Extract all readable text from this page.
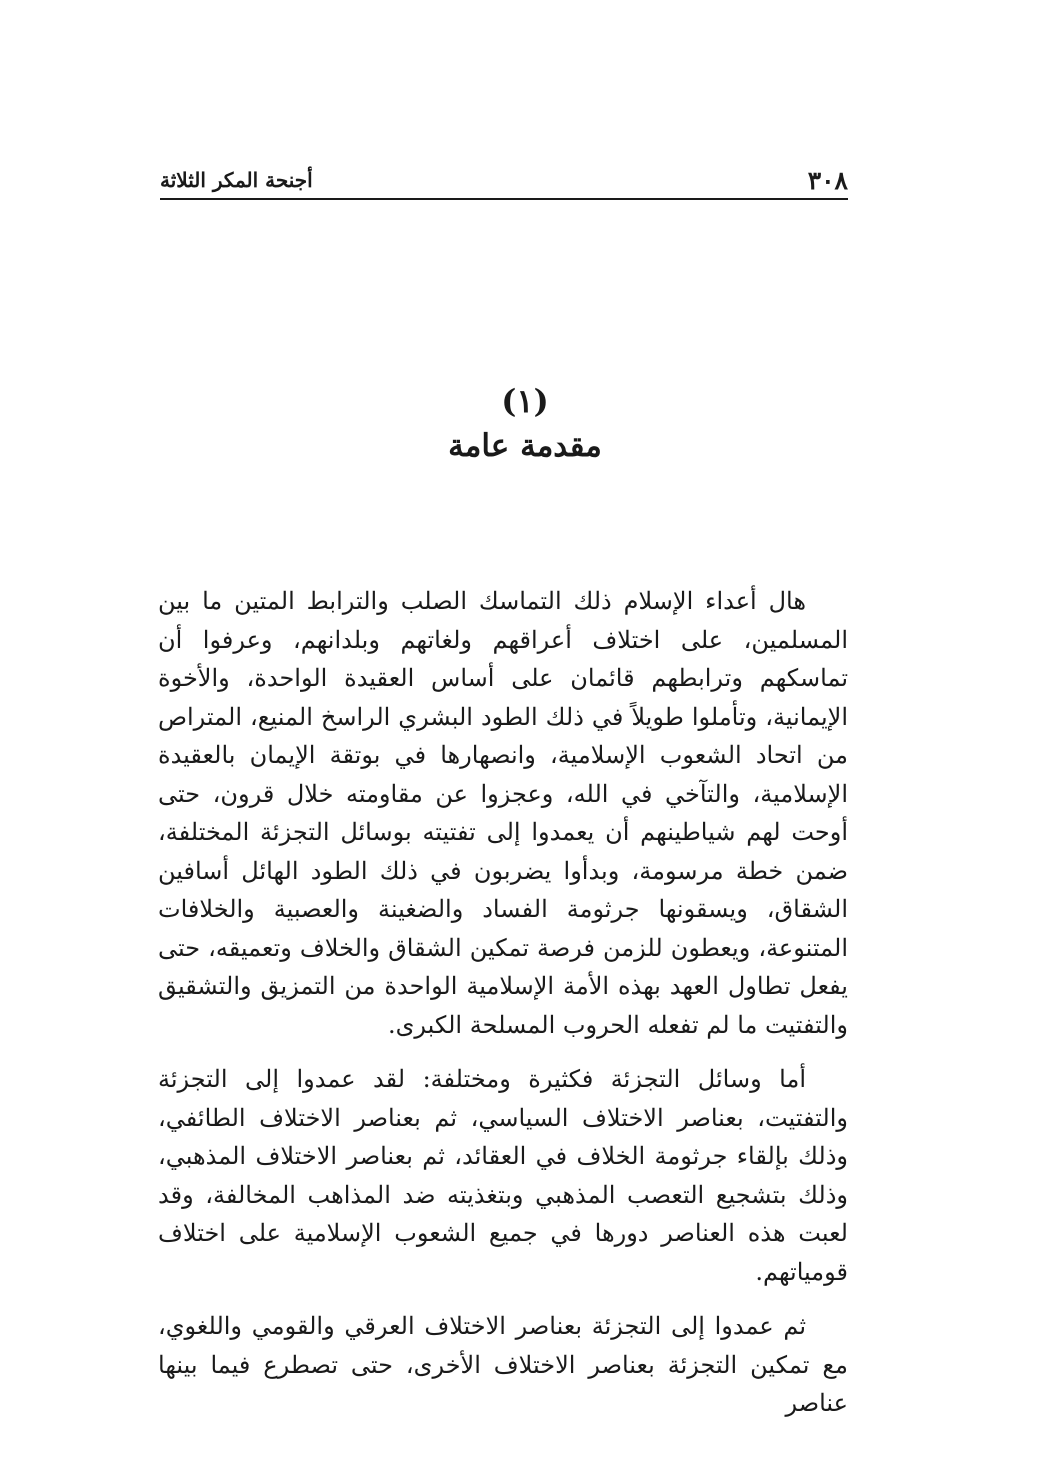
٣٠٨
أجنحة المكر الثلاثة
(١)
مقدمة عامة

هال أعداء الإسلام ذلك التماسك الصلب والترابط المتين ما بين المسلمين، على اختلاف أعراقهم ولغاتهم وبلدانهم، وعرفوا أن تماسكهم وترابطهم قائمان على أساس العقيدة الواحدة، والأخوة الإيمانية، وتأملوا طويلاً في ذلك الطود البشري الراسخ المنيع، المتراص من اتحاد الشعوب الإسلامية، وانصهارها في بوتقة الإيمان بالعقيدة الإسلامية، والتآخي في الله، وعجزوا عن مقاومته خلال قرون، حتى أوحت لهم شياطينهم أن يعمدوا إلى تفتيته بوسائل التجزئة المختلفة، ضمن خطة مرسومة، وبدأوا يضربون في ذلك الطود الهائل أسافين الشقاق، ويسقونها جرثومة الفساد والضغينة والعصبية والخلافات المتنوعة، ويعطون للزمن فرصة تمكين الشقاق والخلاف وتعميقه، حتى يفعل تطاول العهد بهذه الأمة الإسلامية الواحدة من التمزيق والتشقيق والتفتيت ما لم تفعله الحروب المسلحة الكبرى.

أما وسائل التجزئة فكثيرة ومختلفة: لقد عمدوا إلى التجزئة والتفتيت، بعناصر الاختلاف السياسي، ثم بعناصر الاختلاف الطائفي، وذلك بإلقاء جرثومة الخلاف في العقائد، ثم بعناصر الاختلاف المذهبي، وذلك بتشجيع التعصب المذهبي وبتغذيته ضد المذاهب المخالفة، وقد لعبت هذه العناصر دورها في جميع الشعوب الإسلامية على اختلاف قومياتهم.

ثم عمدوا إلى التجزئة بعناصر الاختلاف العرقي والقومي واللغوي، مع تمكين التجزئة بعناصر الاختلاف الأخرى، حتى تصطرع فيما بينها عناصر
